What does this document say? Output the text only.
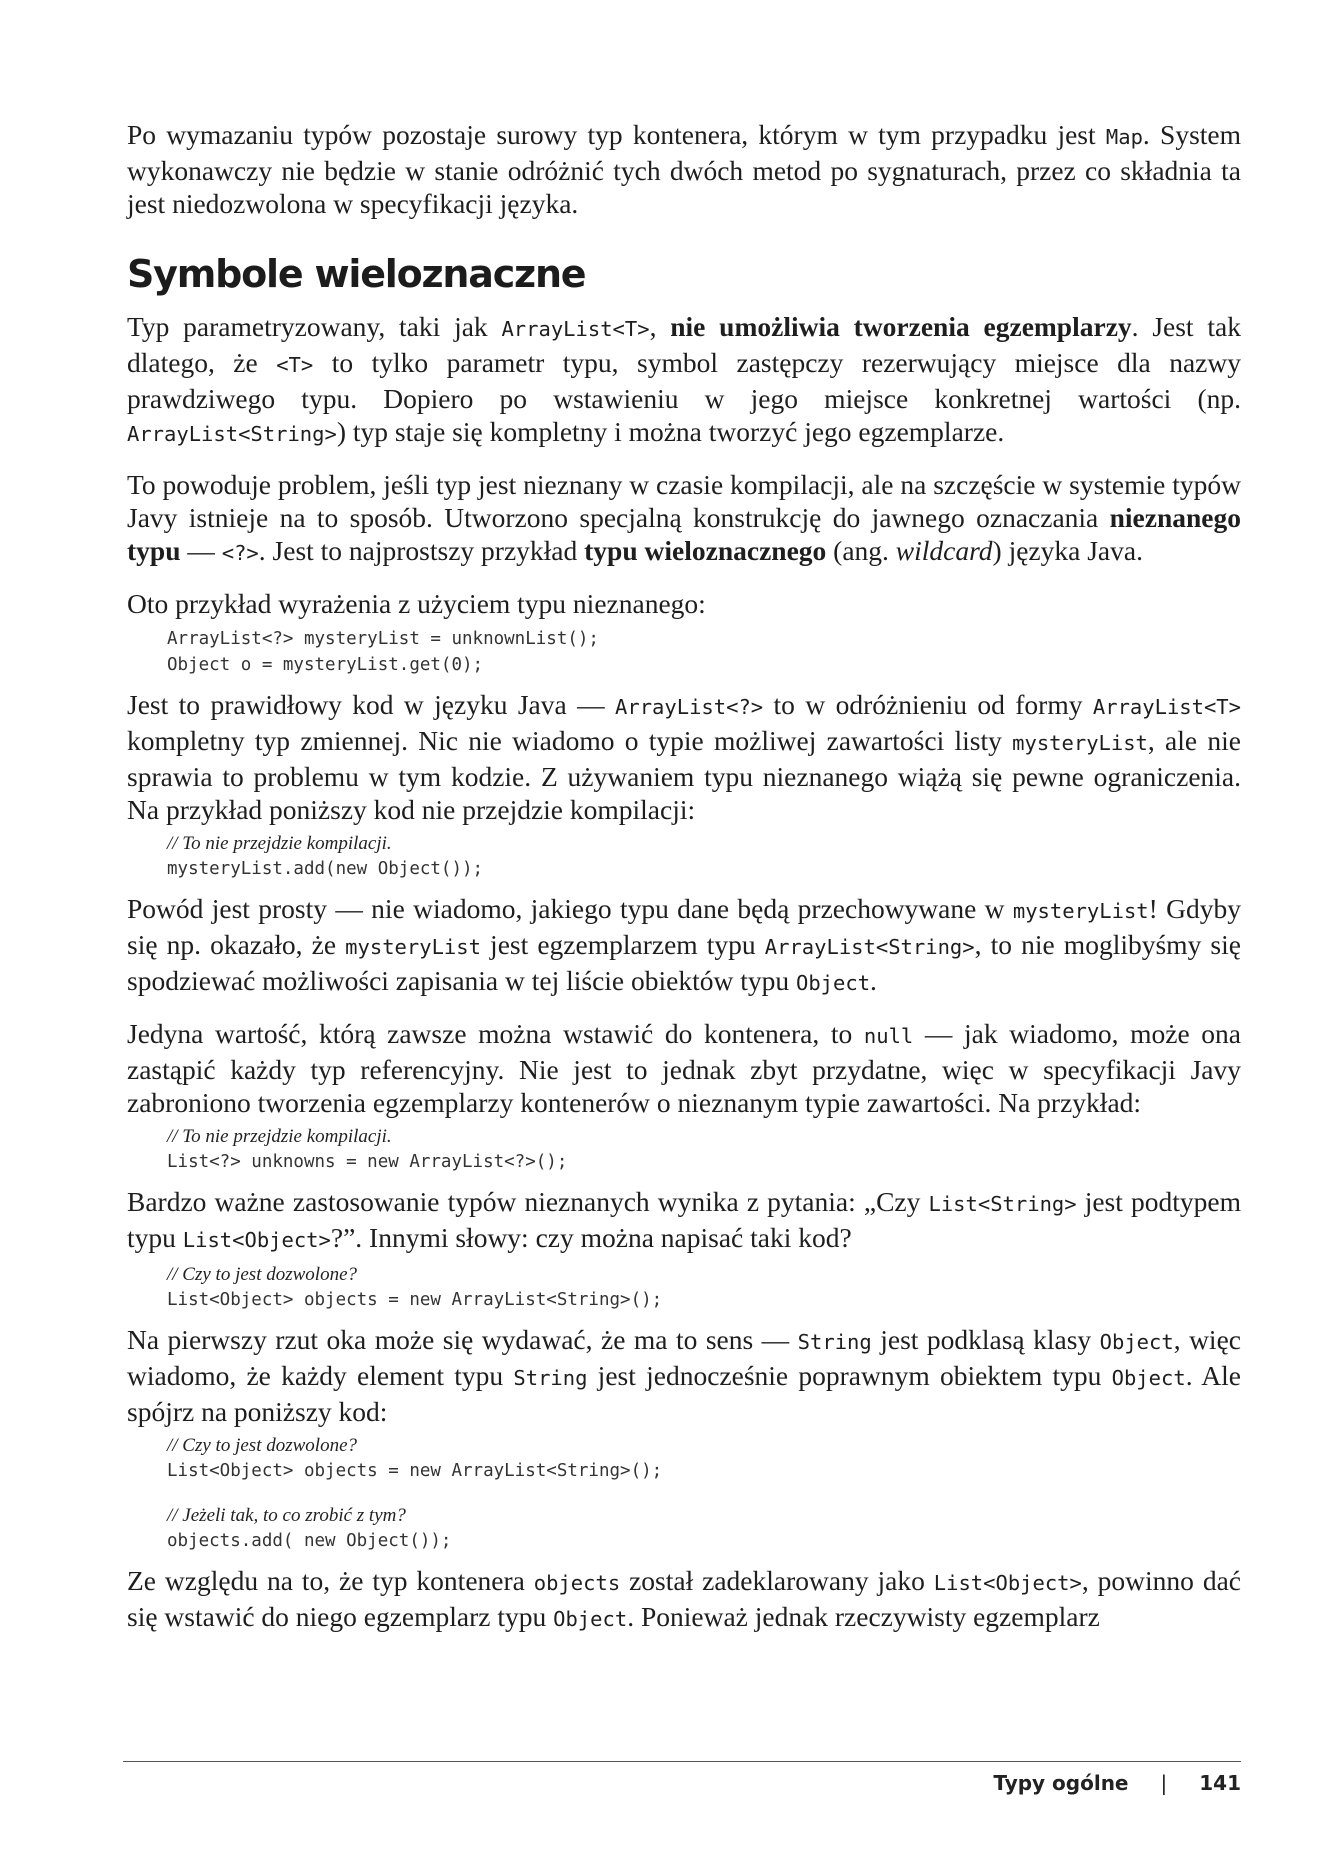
Po wymazaniu typów pozostaje surowy typ kontenera, którym w tym przypadku jest Map. System wykonawczy nie będzie w stanie odróżnić tych dwóch metod po sygnaturach, przez co składnia ta jest niedozwolona w specyfikacji języka.

Symbole wieloznaczne

Typ parametryzowany, taki jak ArrayList<T>, nie umożliwia tworzenia egzemplarzy. Jest tak dlatego, że <T> to tylko parametr typu, symbol zastępczy rezerwujący miejsce dla nazwy prawdziwego typu. Dopiero po wstawieniu w jego miejsce konkretnej wartości (np. ArrayList<String>) typ staje się kompletny i można tworzyć jego egzemplarze.

To powoduje problem, jeśli typ jest nieznany w czasie kompilacji, ale na szczęście w systemie typów Javy istnieje na to sposób. Utworzono specjalną konstrukcję do jawnego oznaczania nieznanego typu — <?>. Jest to najprostszy przykład typu wieloznacznego (ang. wildcard) języka Java.

Oto przykład wyrażenia z użyciem typu nieznanego:

ArrayList<?> mysteryList = unknownList();
Object o = mysteryList.get(0);

Jest to prawidłowy kod w języku Java — ArrayList<?> to w odróżnieniu od formy ArrayList<T> kompletny typ zmiennej. Nic nie wiadomo o typie możliwej zawartości listy mysteryList, ale nie sprawia to problemu w tym kodzie. Z używaniem typu nieznanego wiążą się pewne ograniczenia. Na przykład poniższy kod nie przejdzie kompilacji:

// To nie przejdzie kompilacji.
mysteryList.add(new Object());

Powód jest prosty — nie wiadomo, jakiego typu dane będą przechowywane w mysteryList! Gdyby się np. okazało, że mysteryList jest egzemplarzem typu ArrayList<String>, to nie moglibyśmy się spodziewać możliwości zapisania w tej liście obiektów typu Object.

Jedyna wartość, którą zawsze można wstawić do kontenera, to null — jak wiadomo, może ona zastąpić każdy typ referencyjny. Nie jest to jednak zbyt przydatne, więc w specyfikacji Javy zabroniono tworzenia egzemplarzy kontenerów o nieznanym typie zawartości. Na przykład:

// To nie przejdzie kompilacji.
List<?> unknowns = new ArrayList<?>();

Bardzo ważne zastosowanie typów nieznanych wynika z pytania: „Czy List<String> jest podtypem typu List<Object>?”. Innymi słowy: czy można napisać taki kod?

// Czy to jest dozwolone?
List<Object> objects = new ArrayList<String>();

Na pierwszy rzut oka może się wydawać, że ma to sens — String jest podklasą klasy Object, więc wiadomo, że każdy element typu String jest jednocześnie poprawnym obiektem typu Object. Ale spójrz na poniższy kod:

// Czy to jest dozwolone?
List<Object> objects = new ArrayList<String>();
// Jeżeli tak, to co zrobić z tym?
objects.add( new Object());

Ze względu na to, że typ kontenera objects został zadeklarowany jako List<Object>, powinno dać się wstawić do niego egzemplarz typu Object. Ponieważ jednak rzeczywisty egzemplarz

Typy ogólne | 141
